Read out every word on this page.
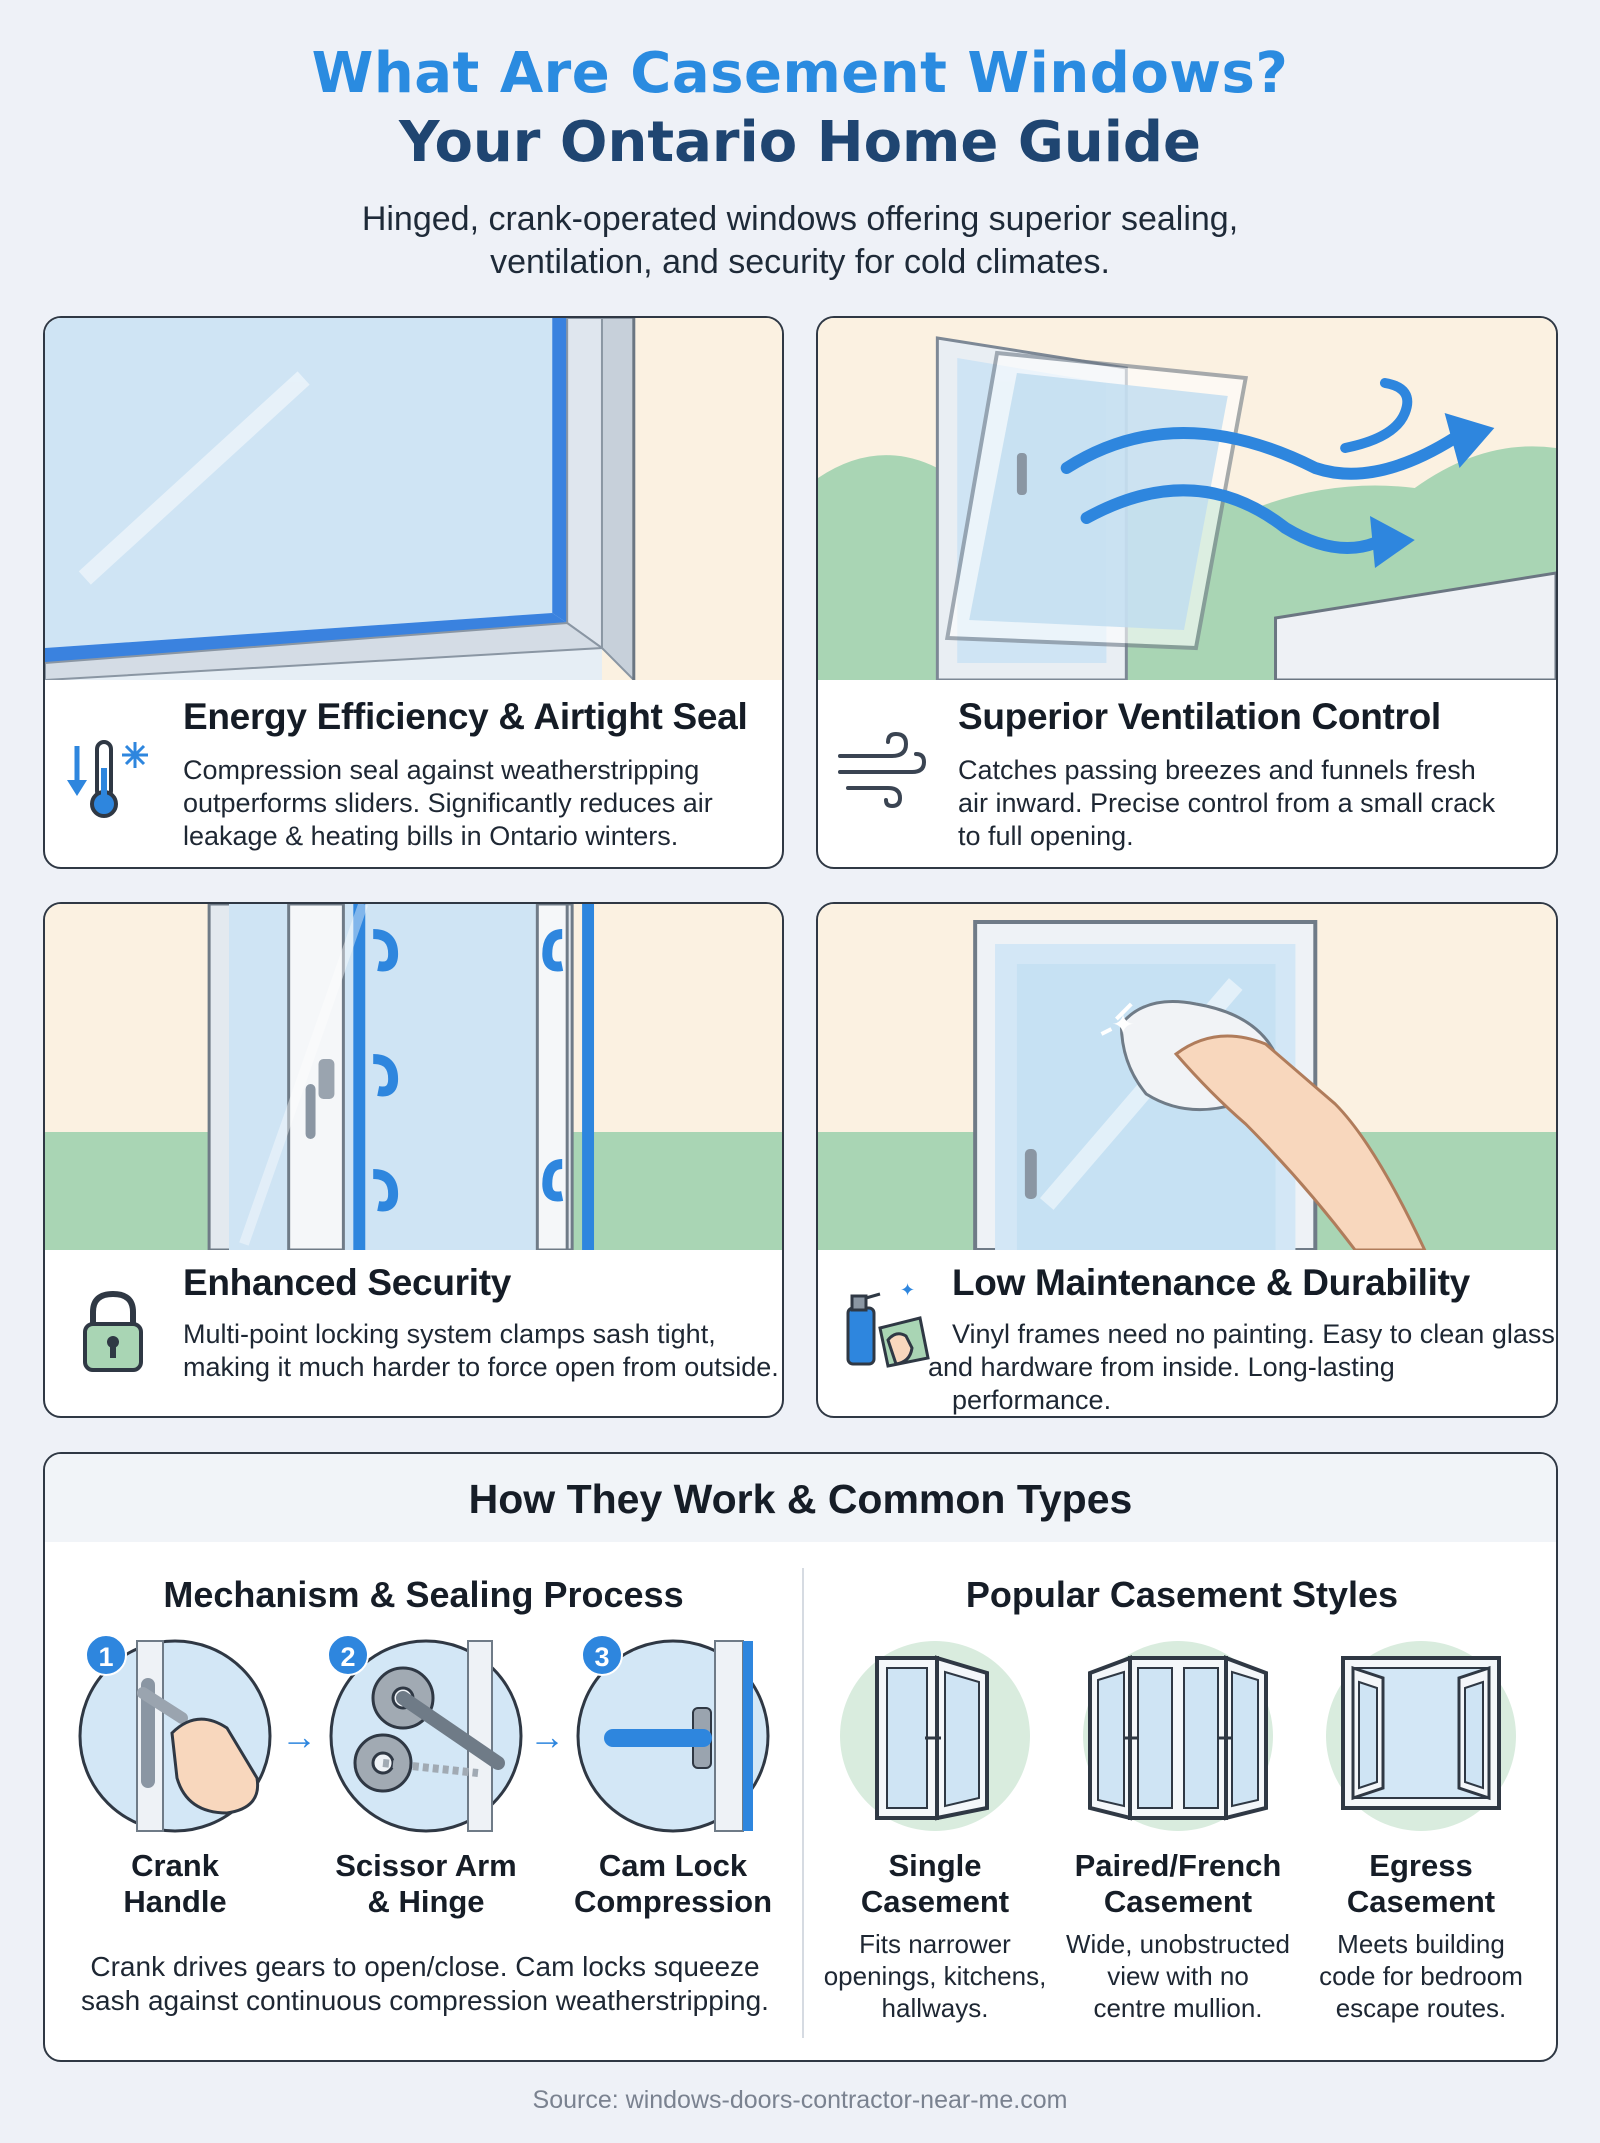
What Are Casement Windows?
Your Ontario Home Guide
Hinged, crank-operated windows offering superior sealing,
ventilation, and security for cold climates.
Energy Efficiency & Airtight Seal

Compression seal against weatherstripping
outperforms sliders. Significantly reduces air
leakage & heating bills in Ontario winters.

Superior Ventilation Control

Catches passing breezes and funnels fresh
air inward. Precise control from a small crack
to full opening.

Enhanced Security

Multi-point locking system clamps sash tight,
making it much harder to force open from outside.

✦
✦ Low Maintenance & Durability

Vinyl frames need no painting. Easy to clean glass
and hardware from inside. Long-lasting performance.

How They Work & Common Types
Mechanism & Sealing Process	Popular Casement Styles
1
→
2
→
3
Crank
Handle
Scissor Arm
& Hinge
Cam Lock
Compression
Crank drives gears to open/close. Cam locks squeeze
sash against continuous compression weatherstripping.
Single
Casement
Paired/French
Casement
Egress
Casement
Fits narrower
openings, kitchens,
hallways.
Wide, unobstructed
view with no
centre mullion.
Meets building
code for bedroom
escape routes.
Source: windows-doors-contractor-near-me.com
